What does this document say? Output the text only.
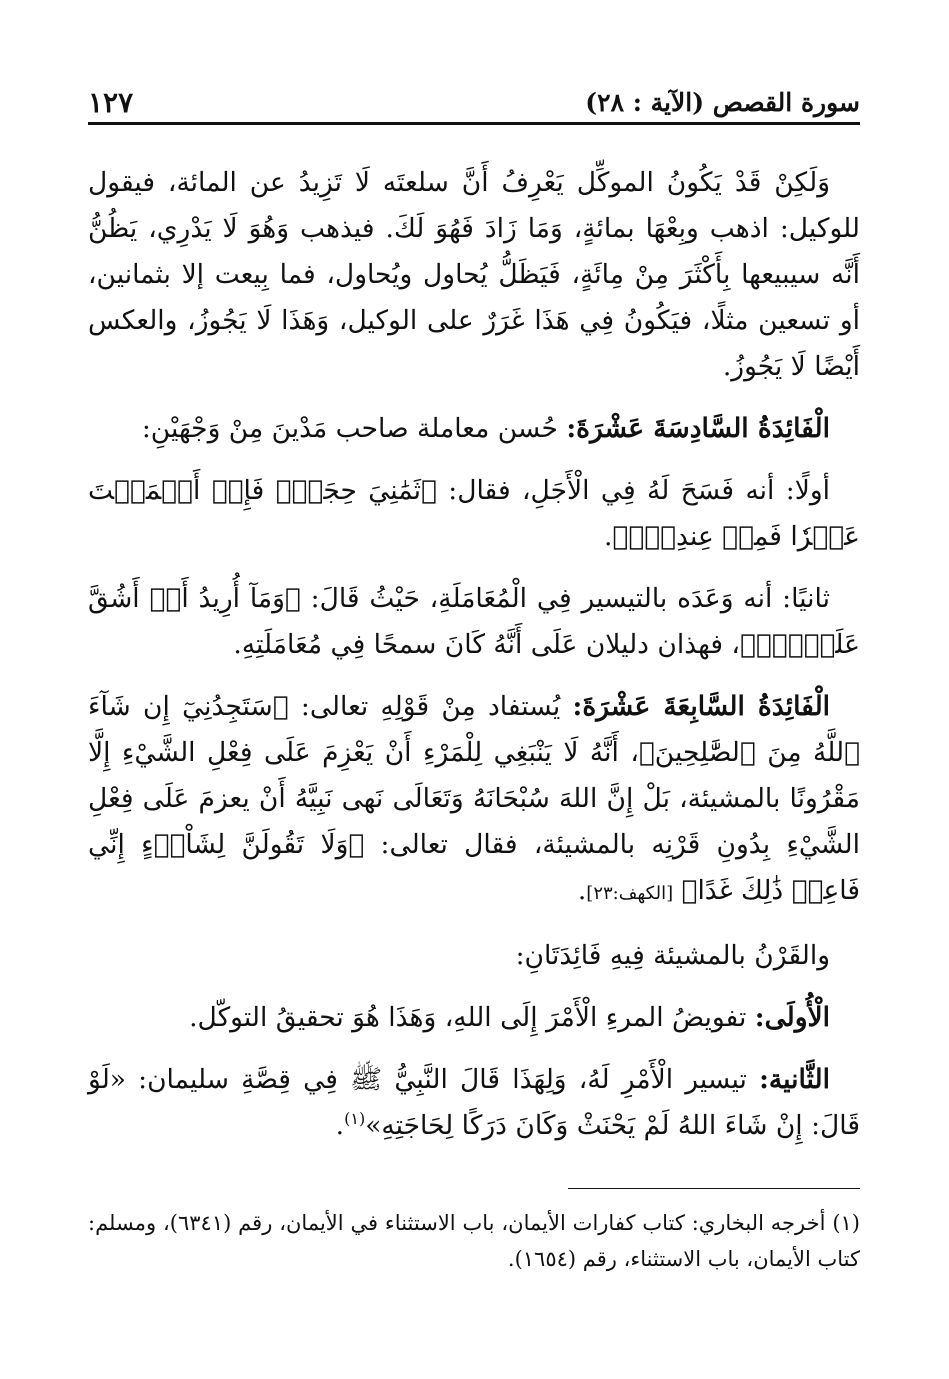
سورة القصص (الآية : ٢٨)
١٢٧

وَلَكِنْ قَدْ يَكُونُ الموكِّل يَعْرِفُ أَنَّ سلعتَه لَا تَزِيدُ عن المائة، فيقول للوكيل: اذهب وبِعْهَا بمائةٍ، وَمَا زَادَ فَهُوَ لَكَ. فيذهب وَهُوَ لَا يَدْرِي، يَظُنُّ أَنَّه سيبيعها بِأَكْثَرَ مِنْ مِائَةٍ، فَيَظَلُّ يُحاول ويُحاول، فما بِيعت إلا بثمانين، أو تسعين مثلًا، فيَكُونُ فِي هَذَا غَرَرٌ على الوكيل، وَهَذَا لَا يَجُوزُ، والعكس أَيْضًا لَا يَجُوزُ.

الْفَائِدَةُ السَّادِسَةَ عَشْرَةَ: حُسن معاملة صاحب مَدْينَ مِنْ وَجْهَيْنِ:

أولًا: أنه فَسَحَ لَهُ فِي الْأَجَلِ، فقال: ﴿ثَمَٰنِيَ حِجَجٍۖ فَإِنۡ أَتۡمَمۡتَ عَشۡرٗا فَمِنۡ عِندِكَۖ﴾.

ثانيًا: أنه وَعَدَه بالتيسير فِي الْمُعَامَلَةِ، حَيْثُ قَالَ: ﴿وَمَآ أُرِيدُ أَنۡ أَشُقَّ عَلَيۡكَۚ﴾، فهذان دليلان عَلَى أَنَّهُ كَانَ سمحًا فِي مُعَامَلَتِهِ.

الْفَائِدَةُ السَّابِعَةَ عَشْرَةَ: يُستفاد مِنْ قَوْلِهِ تعالى: ﴿سَتَجِدُنِيٓ إِن شَآءَ ٱللَّهُ مِنَ ٱلصَّٰلِحِينَ﴾، أَنَّهُ لَا يَنْبَغِي لِلْمَرْءِ أَنْ يَعْزِمَ عَلَى فِعْلِ الشَّيْءِ إِلَّا مَقْرُونًا بالمشيئة، بَلْ إِنَّ اللهَ سُبْحَانَهُ وَتَعَالَى نَهى نَبِيَّهُ أَنْ يعزمَ عَلَى فِعْلِ الشَّيْءِ بِدُونِ قَرْنِه بالمشيئة، فقال تعالى: ﴿وَلَا تَقُولَنَّ لِشَاْيۡءٍ إِنِّي فَاعِلٞ ذَٰلِكَ غَدًا﴾ [الكهف:٢٣].

والقَرْنُ بالمشيئة فِيهِ فَائِدَتَانِ:

الْأُولَى: تفويضُ المرءِ الْأَمْرَ إِلَى اللهِ، وَهَذَا هُوَ تحقيقُ التوكّل.

الثَّانية: تيسير الْأَمْرِ لَهُ، وَلِهَذَا قَالَ النَّبِيُّ ﷺ فِي قِصَّةِ سليمان: «لَوْ قَالَ: إِنْ شَاءَ اللهُ لَمْ يَحْنَثْ وَكَانَ دَرَكًا لِحَاجَتِهِ»$^{(١)}$.

(١) أخرجه البخاري: كتاب كفارات الأيمان، باب الاستثناء في الأيمان، رقم (٦٣٤١)، ومسلم: كتاب الأيمان، باب الاستثناء، رقم (١٦٥٤).
